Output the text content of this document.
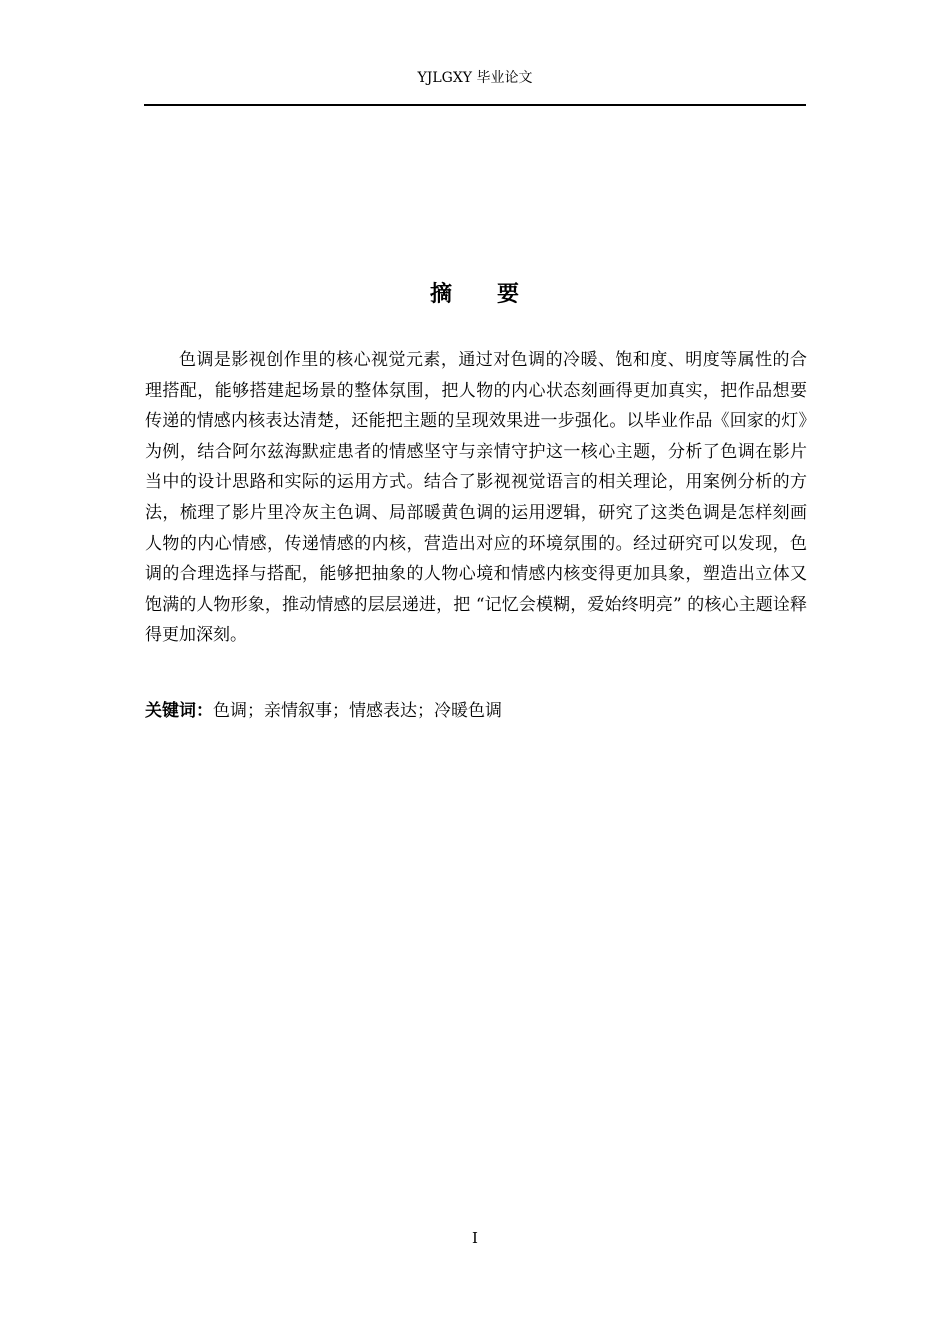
YJLGXY 毕业论文
摘 要

色调是影视创作里的核心视觉元素，通过对色调的冷暖、饱和度、明度等属性的合理搭配，能够搭建起场景的整体氛围，把人物的内心状态刻画得更加真实，把作品想要传递的情感内核表达清楚，还能把主题的呈现效果进一步强化。以毕业作品《回家的灯》为例，结合阿尔兹海默症患者的情感坚守与亲情守护这一核心主题，分析了色调在影片当中的设计思路和实际的运用方式。结合了影视视觉语言的相关理论，用案例分析的方法，梳理了影片里冷灰主色调、局部暖黄色调的运用逻辑，研究了这类色调是怎样刻画人物的内心情感，传递情感的内核，营造出对应的环境氛围的。经过研究可以发现，色调的合理选择与搭配，能够把抽象的人物心境和情感内核变得更加具象，塑造出立体又饱满的人物形象，推动情感的层层递进，把 “记忆会模糊，爱始终明亮” 的核心主题诠释得更加深刻。

关键词：色调；亲情叙事；情感表达；冷暖色调

I
